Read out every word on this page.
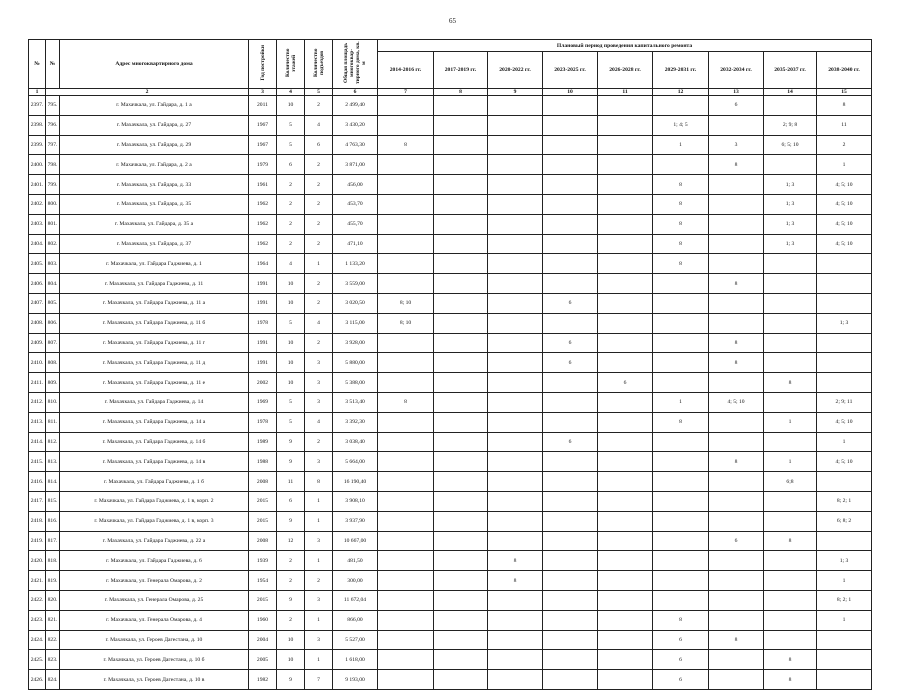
65
№	№	Адрес многоквартирного дома	Год постройки	Количество этажей	Количество подъездов	Общая площадь многоквар-тирного дома, кв. м	Плановый период проведения капитального ремонта								
							2014-2016 гг.	2017-2019 гг.	2020-2022 гг.	2023-2025 гг.	2026-2028 гг.	2029-2031 гг.	2032-2034 гг.	2035-2037 гг.	2038-2040 гг.
1	2		3	4	5	6	7	8	9	10	11	12	13	14	15
2397.	795.	г. Махачкала, ул. Гайдара, д. 1 а	2011	10	2	2 499,40							6		8
2398.	796.	г. Махачкала, ул. Гайдара, д. 27	1967	5	4	3 430,20						1; 4; 5		2; 9; 8	11
2399.	797.	г. Махачкала, ул. Гайдара, д. 29	1967	5	6	4 763,30	8					1	3	6; 5; 10	2
2400.	798.	г. Махачкала, ул. Гайдара, д. 2 а	1979	6	2	3 871,00							8		1
2401.	799.	г. Махачкала, ул. Гайдара, д. 33	1961	2	2	456,00						8		1; 3	4; 5; 10
2402.	800.	г. Махачкала, ул. Гайдара, д. 35	1962	2	2	453,70						8		1; 3	4; 5; 10
2403.	801.	г. Махачкала, ул. Гайдара, д. 35 а	1962	2	2	455,70						8		1; 3	4; 5; 10
2404.	802.	г. Махачкала, ул. Гайдара, д. 37	1962	2	2	471,10						8		1; 3	4; 5; 10
2405.	803.	г. Махачкала, ул. Гайдара Гаджиева, д. 1	1964	4	1	1 133,20						8			
2406.	804.	г. Махачкала, ул. Гайдара Гаджиева, д. 11	1991	10	2	3 559,00							8		
2407.	805.	г. Махачкала, ул. Гайдара Гаджиева, д. 11 а	1991	10	2	3 020,50	8; 10			6					
2408.	806.	г. Махачкала, ул. Гайдара Гаджиева, д. 11 б	1978	5	4	3 115,00	8; 10								1; 3
2409.	807.	г. Махачкала, ул. Гайдара Гаджиева, д. 11 г	1991	10	2	3 928,00				6			8		
2410.	808.	г. Махачкала, ул. Гайдара Гаджиева, д. 11 д	1991	10	3	5 880,00				6			8		
2411.	809.	г. Махачкала, ул. Гайдара Гаджиева, д. 11 е	2002	10	3	5 388,00					6			8	
2412.	810.	г. Махачкала, ул. Гайдара Гаджиева, д. 14	1969	5	3	3 513,40	8					1	4; 5; 10		2; 9; 11
2413.	811.	г. Махачкала, ул. Гайдара Гаджиева, д. 14 а	1978	5	4	3 392,30						8		1	4; 5; 10
2414.	812.	г. Махачкала, ул. Гайдара Гаджиева, д. 14 б	1989	9	2	3 038,40				6					1
2415.	813.	г. Махачкала, ул. Гайдара Гаджиева, д. 14 в	1988	9	3	5 664,00							8	1	4; 5; 10
2416.	814.	г. Махачкала, ул. Гайдара Гаджиева, д. 1 б	2008	11	8	16 190,40								6;8	
2417.	815.	г. Махачкала, ул. Гайдара Гаджиева, д. 1 в, корп. 2	2015	6	1	3 908,10									8; 2; 1
2418.	816.	г. Махачкала, ул. Гайдара Гаджиева, д. 1 в, корп. 3	2015	9	1	3 937,90									6; 8; 2
2419.	817.	г. Махачкала, ул. Гайдара Гаджиева, д. 22 а	2008	12	3	10 667,00							6	8	
2420.	818.	г. Махачкала, ул. Гайдара Гаджиева, д. 6	1939	2	1	481,50			8						1; 3
2421.	819.	г. Махачкала, ул. Генерала Омарова, д. 2	1954	2	2	300,00			8						1
2422.	820.	г. Махачкала, ул. Генерала Омарова, д. 25	2015	9	3	11 672,04									8; 2; 1
2423.	821.	г. Махачкала, ул. Генерала Омарова, д. 4	1960	2	1	866,00						8			1
2424.	822.	г. Махачкала, ул. Героев Дагестана, д. 10	2004	10	3	5 527,00						6	8		
2425.	823.	г. Махачкала, ул. Героев Дагестана, д. 10 б	2005	10	1	1 618,00						6		8	
2426.	824.	г. Махачкала, ул. Героев Дагестана, д. 10 в	1982	9	7	9 193,00						6		8	
